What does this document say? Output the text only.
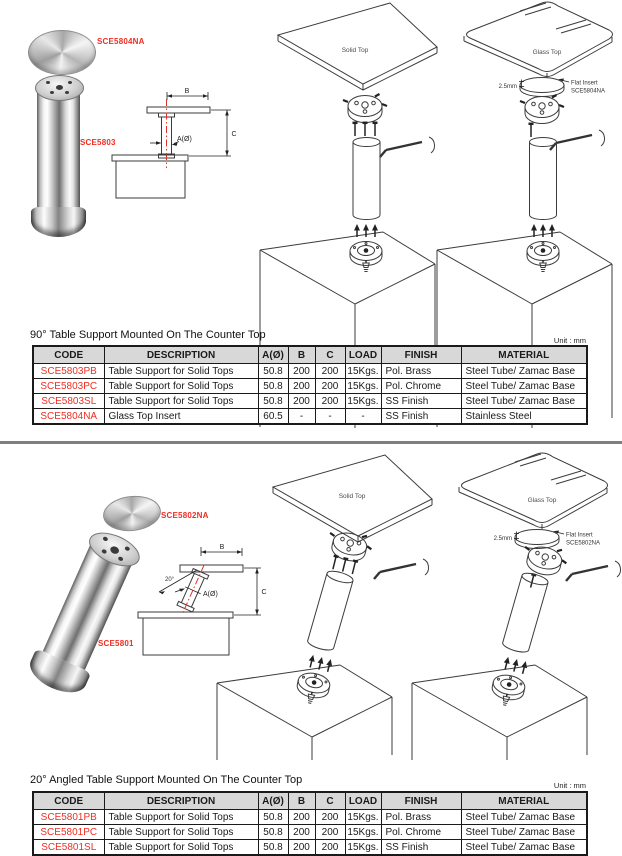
SCE5804NA
SCE5803
B
A(Ø)
C
Solid Top	Glass Top
2.5mm
Flat Insert
SCE5804NA
90° Table Support Mounted On The Counter Top	Unit : mm
CODE	DESCRIPTION	A(Ø)	B	C	LOAD	FINISH	MATERIAL
SCE5803PB	Table Support for Solid Tops	50.8	200	200	15Kgs.	Pol. Brass	Steel Tube/ Zamac Base
SCE5803PC	Table Support for Solid Tops	50.8	200	200	15Kgs.	Pol. Chrome	Steel Tube/ Zamac Base
SCE5803SL	Table Support for Solid Tops	50.8	200	200	15Kgs.	SS Finish	Steel Tube/ Zamac Base
SCE5804NA	Glass Top Insert	60.5	-	-	-	SS Finish	Stainless Steel
SCE5802NA
SCE5801
B
20°
A(Ø)	C
Solid Top
Glass Top
2.5mm
Flat Insert
SCE5802NA
20° Angled Table Support Mounted On The Counter Top	Unit : mm
CODE	DESCRIPTION	A(Ø)	B	C	LOAD	FINISH	MATERIAL
SCE5801PB	Table Support for Solid Tops	50.8	200	200	15Kgs.	Pol. Brass	Steel Tube/ Zamac Base
SCE5801PC	Table Support for Solid Tops	50.8	200	200	15Kgs.	Pol. Chrome	Steel Tube/ Zamac Base
SCE5801SL	Table Support for Solid Tops	50.8	200	200	15Kgs.	SS Finish	Steel Tube/ Zamac Base
